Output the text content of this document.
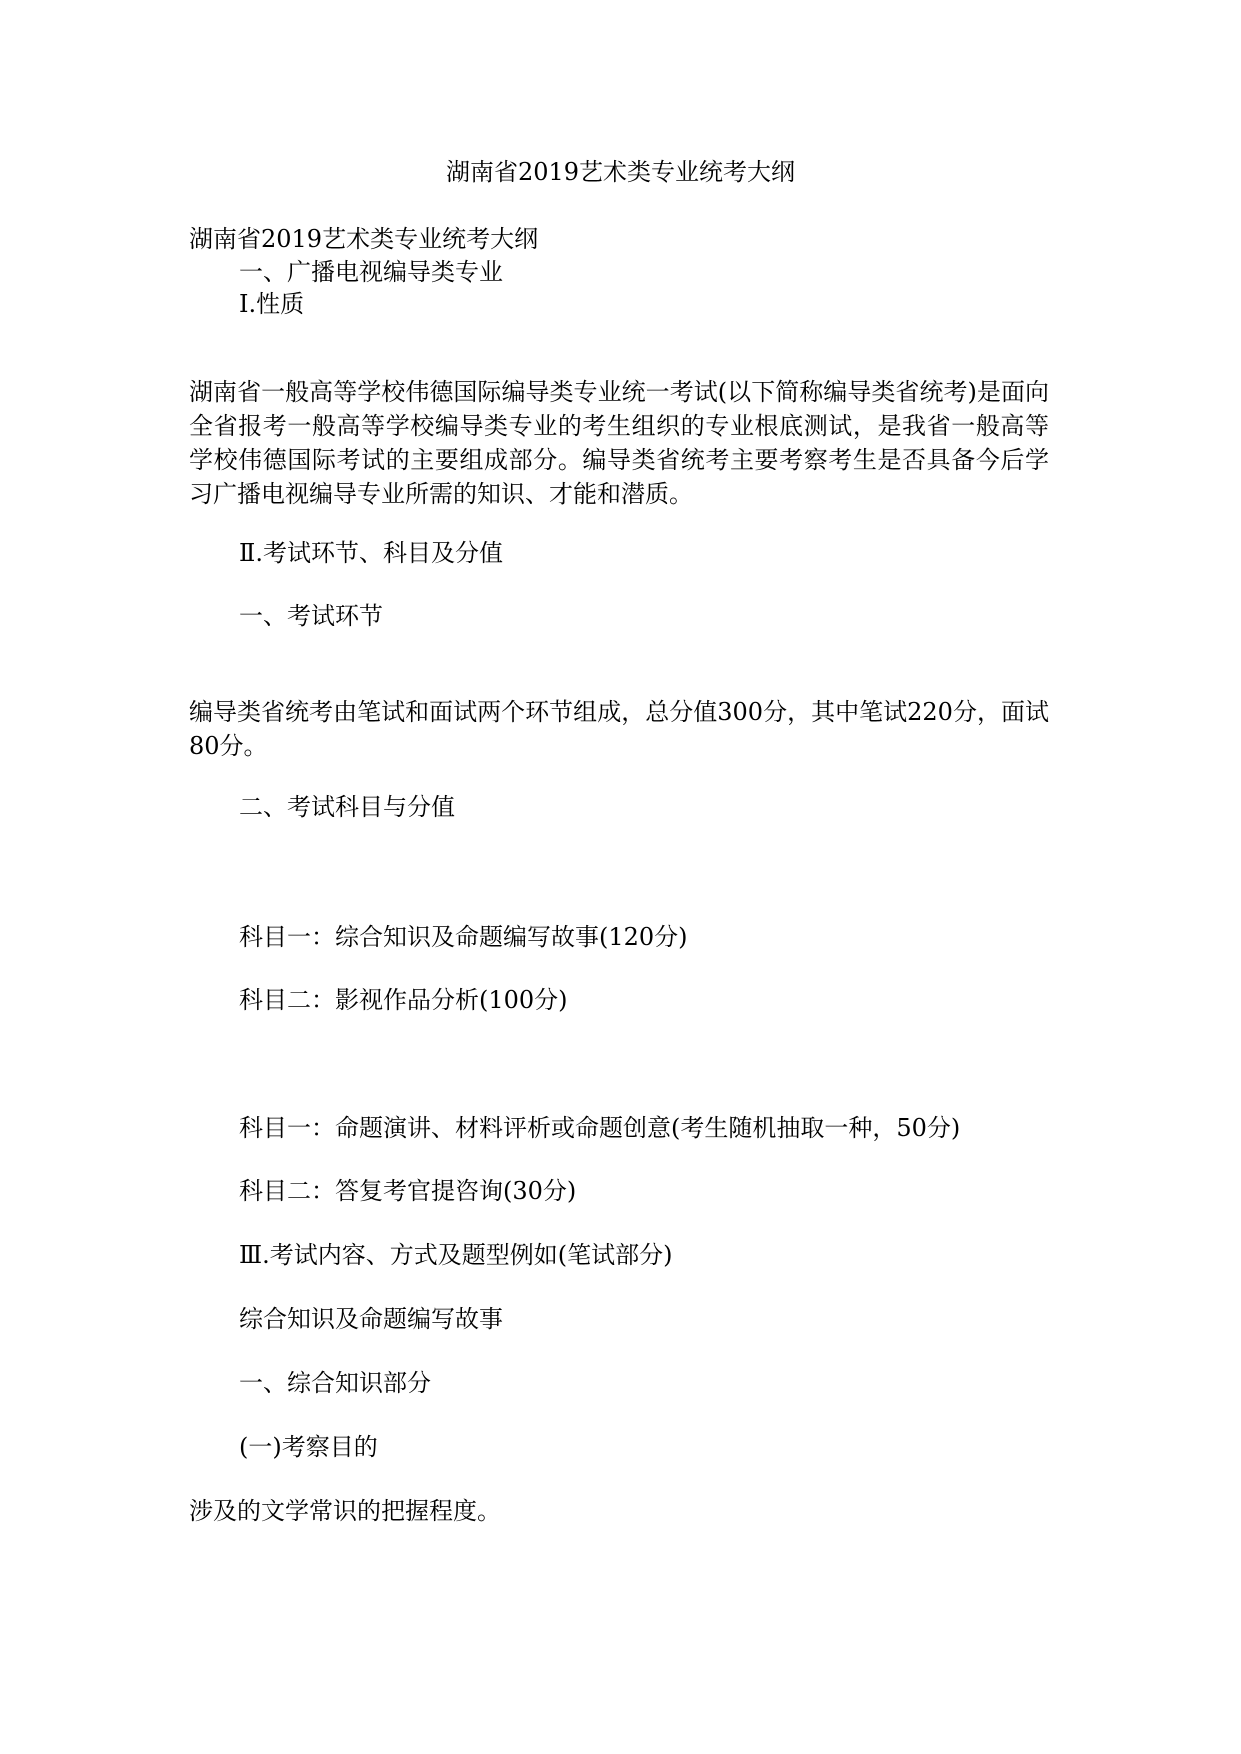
湖南省2019艺术类专业统考大纲
湖南省2019艺术类专业统考大纲
一、广播电视编导类专业
Ⅰ.性质
湖南省一般高等学校伟德国际编导类专业统一考试(以下简称编导类省统考)是面向全省报考一般高等学校编导类专业的考生组织的专业根底测试，是我省一般高等学校伟德国际考试的主要组成部分。编导类省统考主要考察考生是否具备今后学习广播电视编导专业所需的知识、才能和潜质。
Ⅱ.考试环节、科目及分值
一、考试环节
编导类省统考由笔试和面试两个环节组成，总分值300分，其中笔试220分，面试80分。
二、考试科目与分值
科目一：综合知识及命题编写故事(120分)
科目二：影视作品分析(100分)
科目一：命题演讲、材料评析或命题创意(考生随机抽取一种，50分)
科目二：答复考官提咨询(30分)
Ⅲ.考试内容、方式及题型例如(笔试部分)
综合知识及命题编写故事
一、综合知识部分
(一)考察目的
涉及的文学常识的把握程度。
